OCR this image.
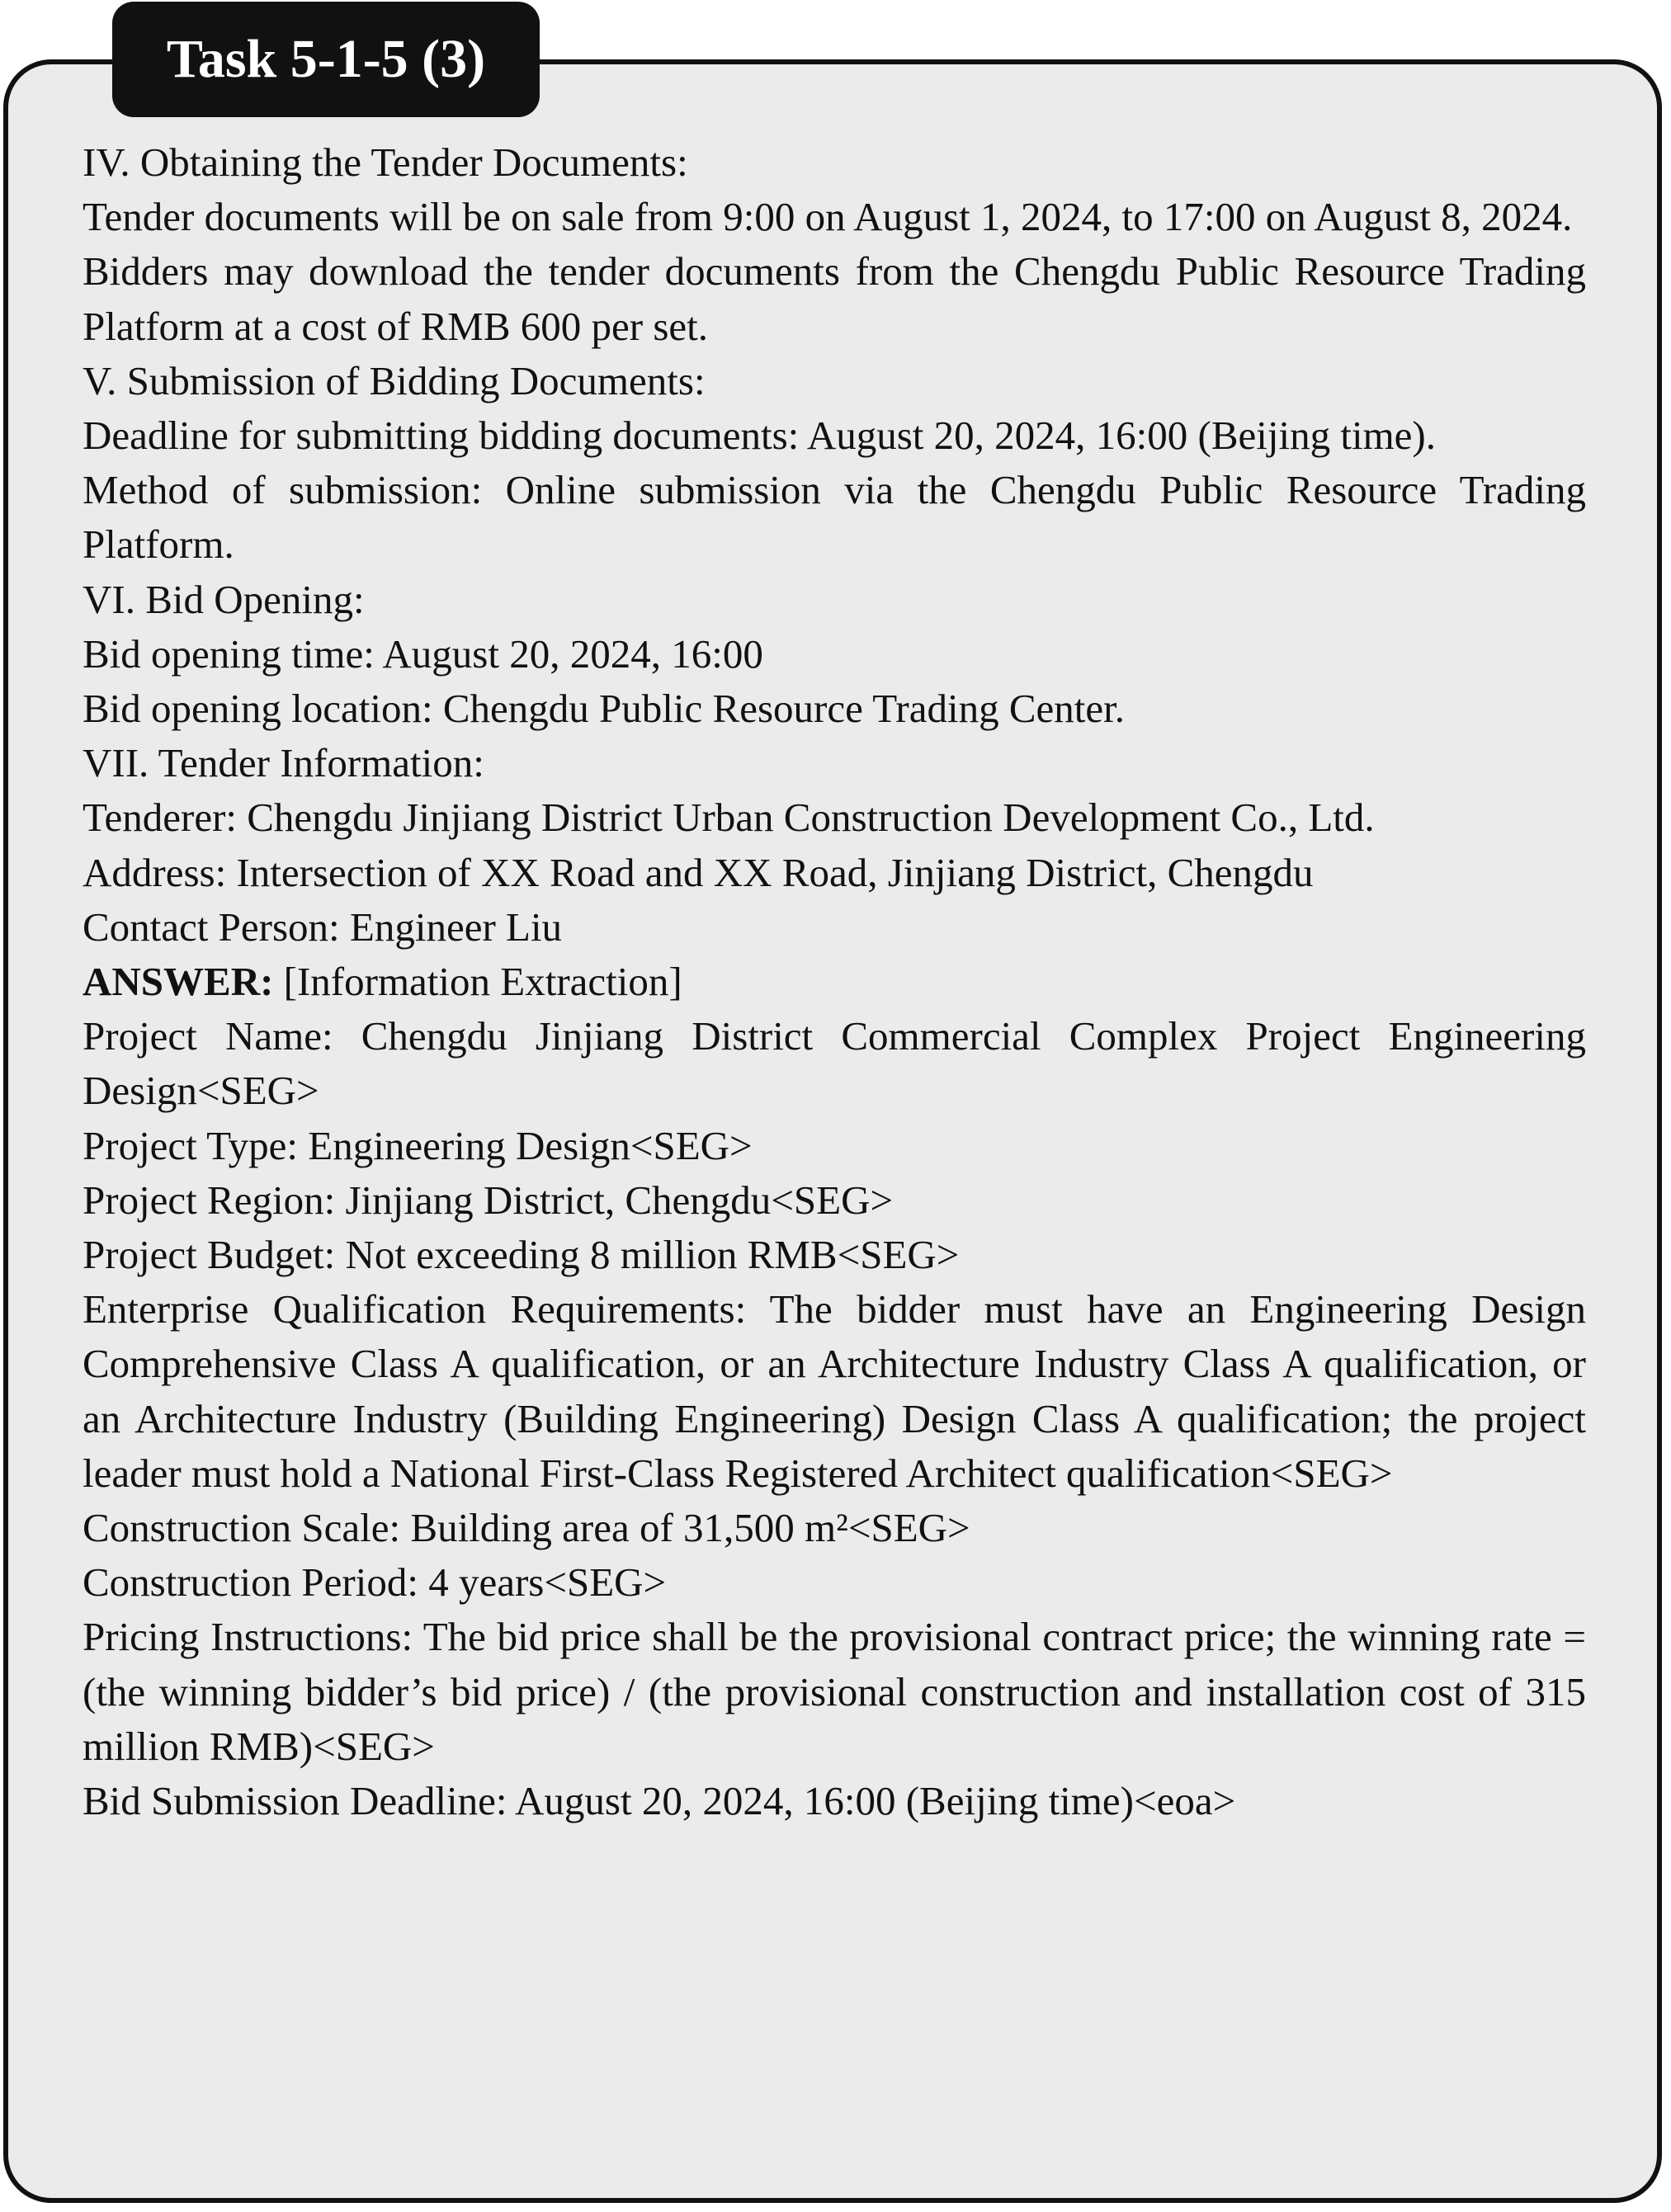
Task 5-1-5 (3)

IV. Obtaining the Tender Documents:

Tender documents will be on sale from 9:00 on August 1, 2024, to 17:00 on August 8, 2024.

Bidders may download the tender documents from the Chengdu Public Resource Trading Platform at a cost of RMB 600 per set.

V. Submission of Bidding Documents:

Deadline for submitting bidding documents: August 20, 2024, 16:00 (Beijing time).

Method of submission: Online submission via the Chengdu Public Resource Trading Platform.

VI. Bid Opening:

Bid opening time: August 20, 2024, 16:00

Bid opening location: Chengdu Public Resource Trading Center.

VII. Tender Information:

Tenderer: Chengdu Jinjiang District Urban Construction Development Co., Ltd.

Address: Intersection of XX Road and XX Road, Jinjiang District, Chengdu

Contact Person: Engineer Liu

ANSWER: [Information Extraction]

Project Name: Chengdu Jinjiang District Commercial Complex Project Engineering Design<SEG>

Project Type: Engineering Design<SEG>

Project Region: Jinjiang District, Chengdu<SEG>

Project Budget: Not exceeding 8 million RMB<SEG>

Enterprise Qualification Requirements: The bidder must have an Engineering Design Comprehensive Class A qualification, or an Architecture Industry Class A qualification, or an Architecture Industry (Building Engineering) Design Class A qualification; the project leader must hold a National First-Class Registered Architect qualification<SEG>

Construction Scale: Building area of 31,500 m²<SEG>

Construction Period: 4 years<SEG>

Pricing Instructions: The bid price shall be the provisional contract price; the winning rate = (the winning bidder’s bid price) / (the provisional construction and installation cost of 315 million RMB)<SEG>

Bid Submission Deadline: August 20, 2024, 16:00 (Beijing time)<eoa>
